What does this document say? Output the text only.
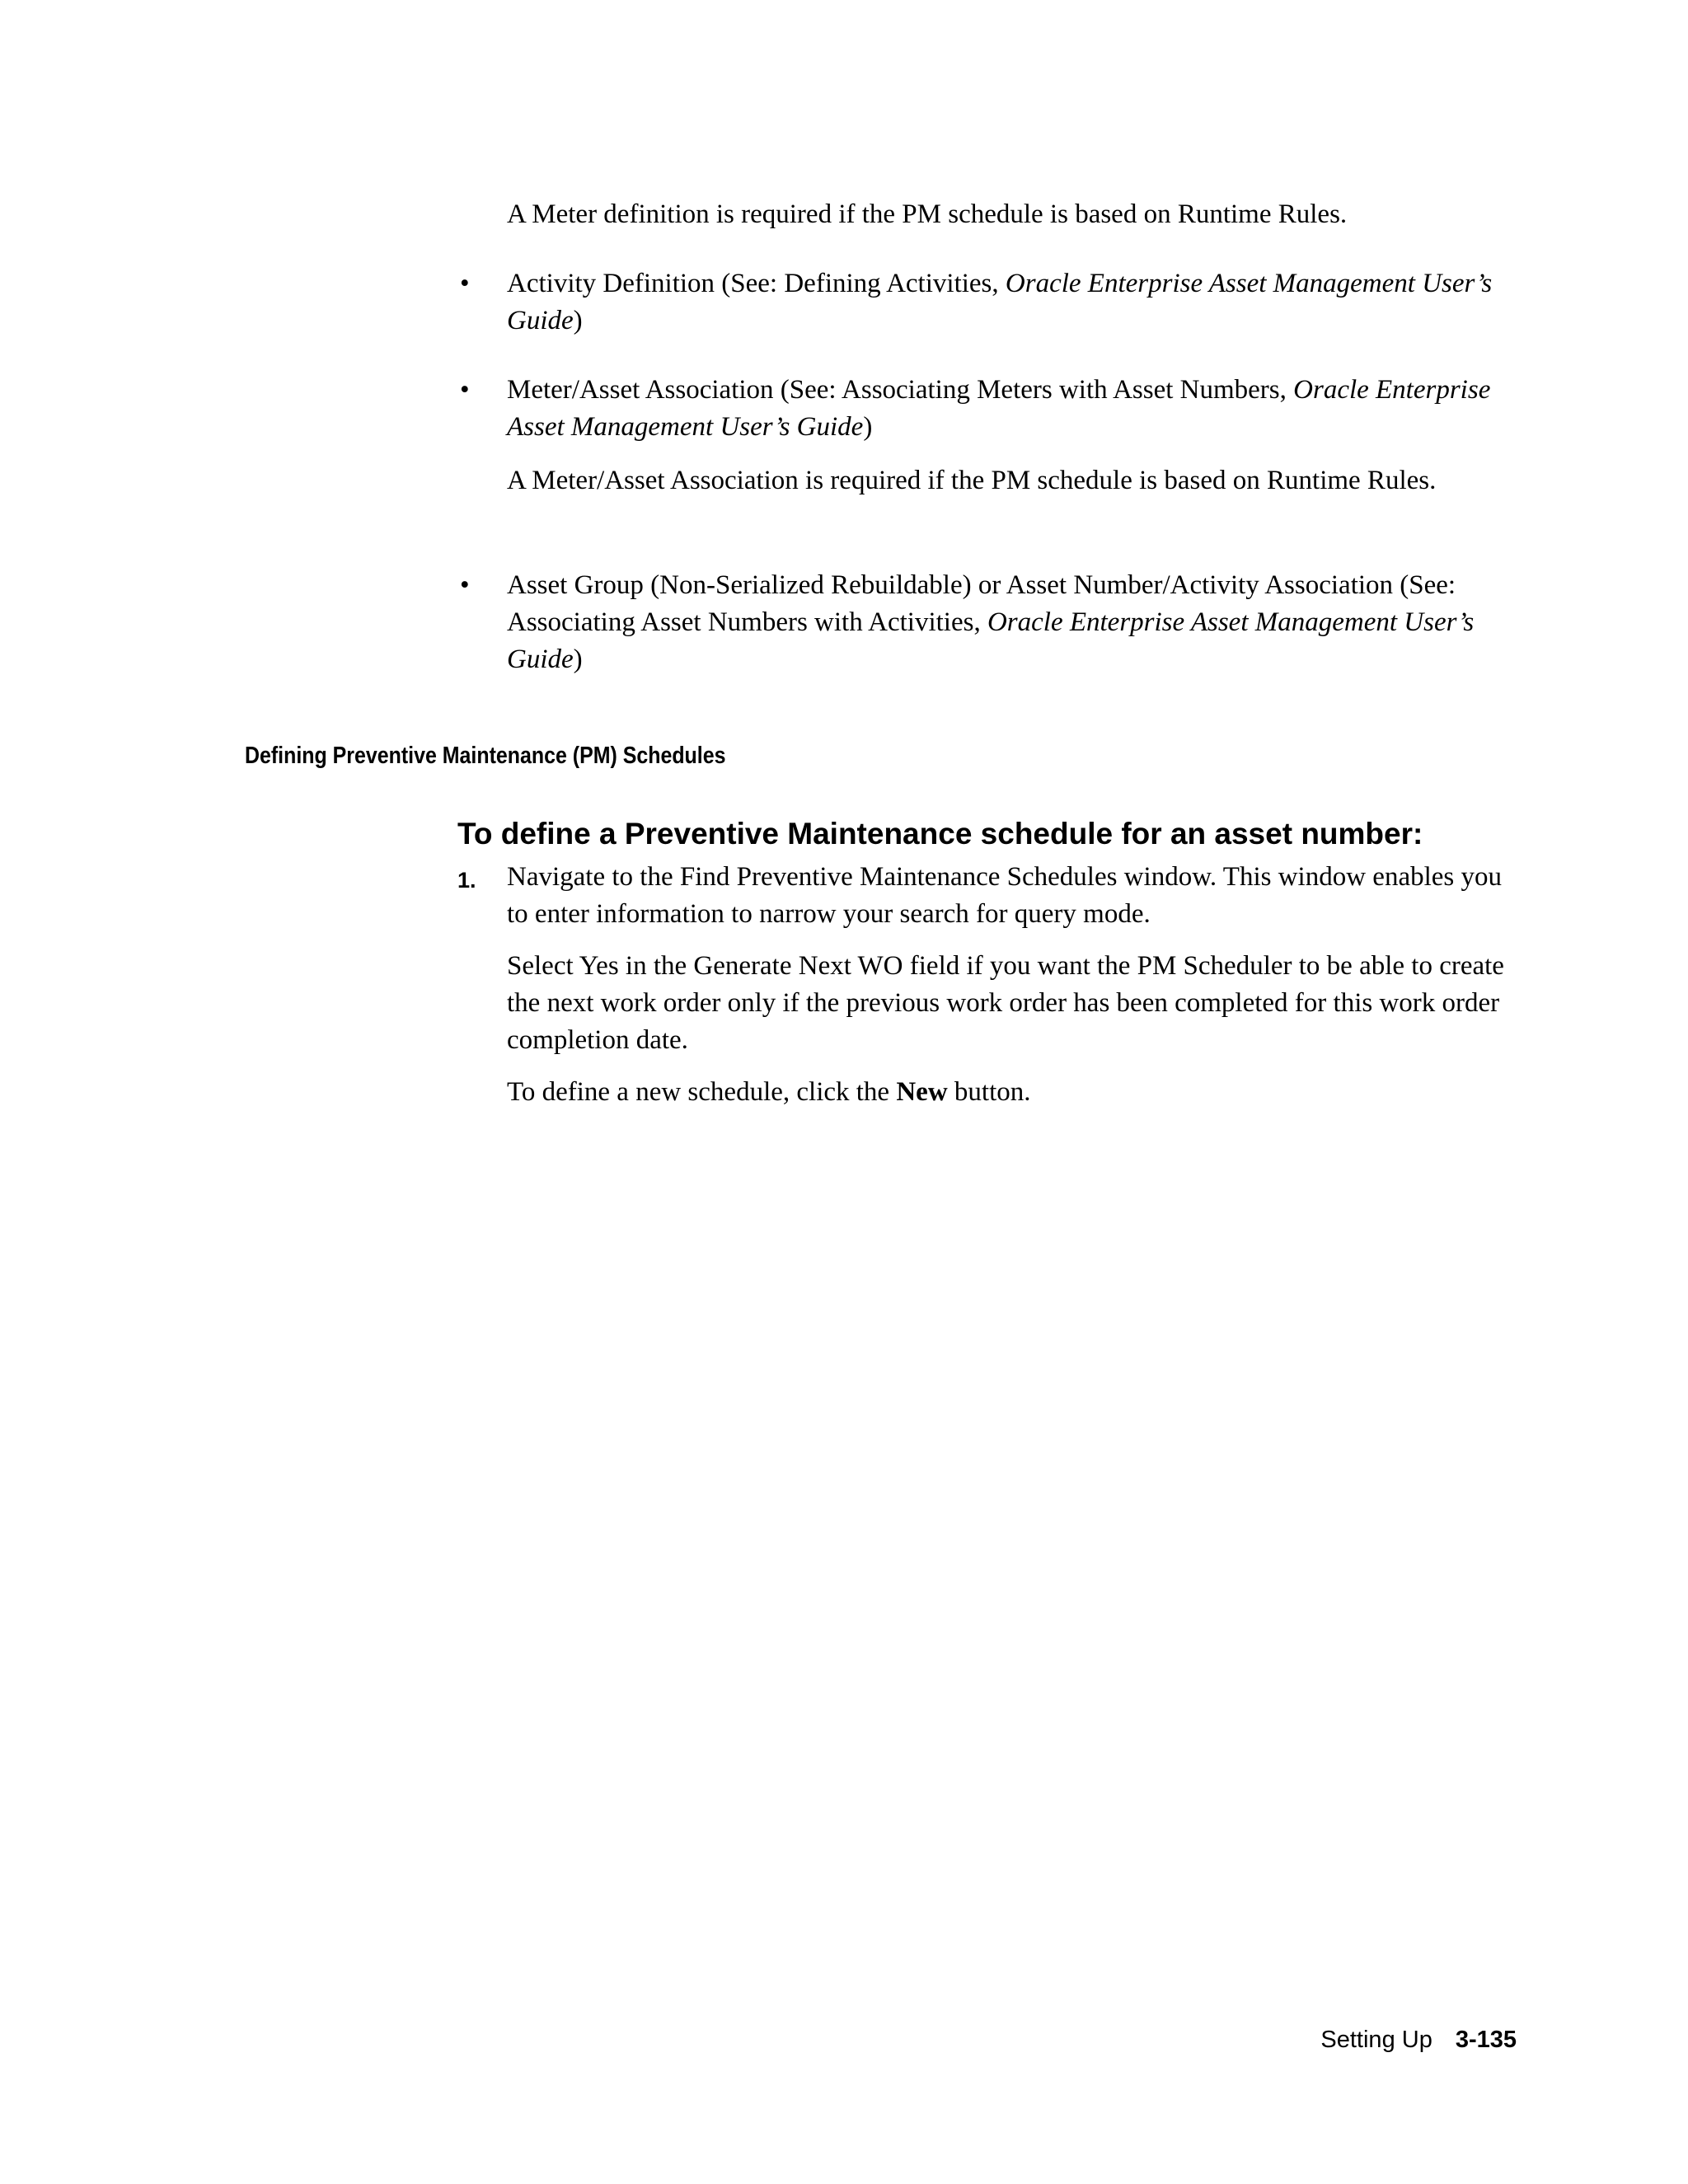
A Meter definition is required if the PM schedule is based on Runtime Rules.

• Activity Definition (See: Defining Activities, Oracle Enterprise Asset Management User’s Guide)

• Meter/Asset Association (See: Associating Meters with Asset Numbers, Oracle Enterprise Asset Management User’s Guide)

A Meter/Asset Association is required if the PM schedule is based on Runtime Rules.

• Asset Group (Non-Serialized Rebuildable) or Asset Number/Activity Association (See: Associating Asset Numbers with Activities, Oracle Enterprise Asset Management User’s Guide)

Defining Preventive Maintenance (PM) Schedules
To define a Preventive Maintenance schedule for an asset number:
1. Navigate to the Find Preventive Maintenance Schedules window. This window enables you to enter information to narrow your search for query mode.

Select Yes in the Generate Next WO field if you want the PM Scheduler to be able to create the next work order only if the previous work order has been completed for this work order completion date.

To define a new schedule, click the New button.

Setting Up 3-135
